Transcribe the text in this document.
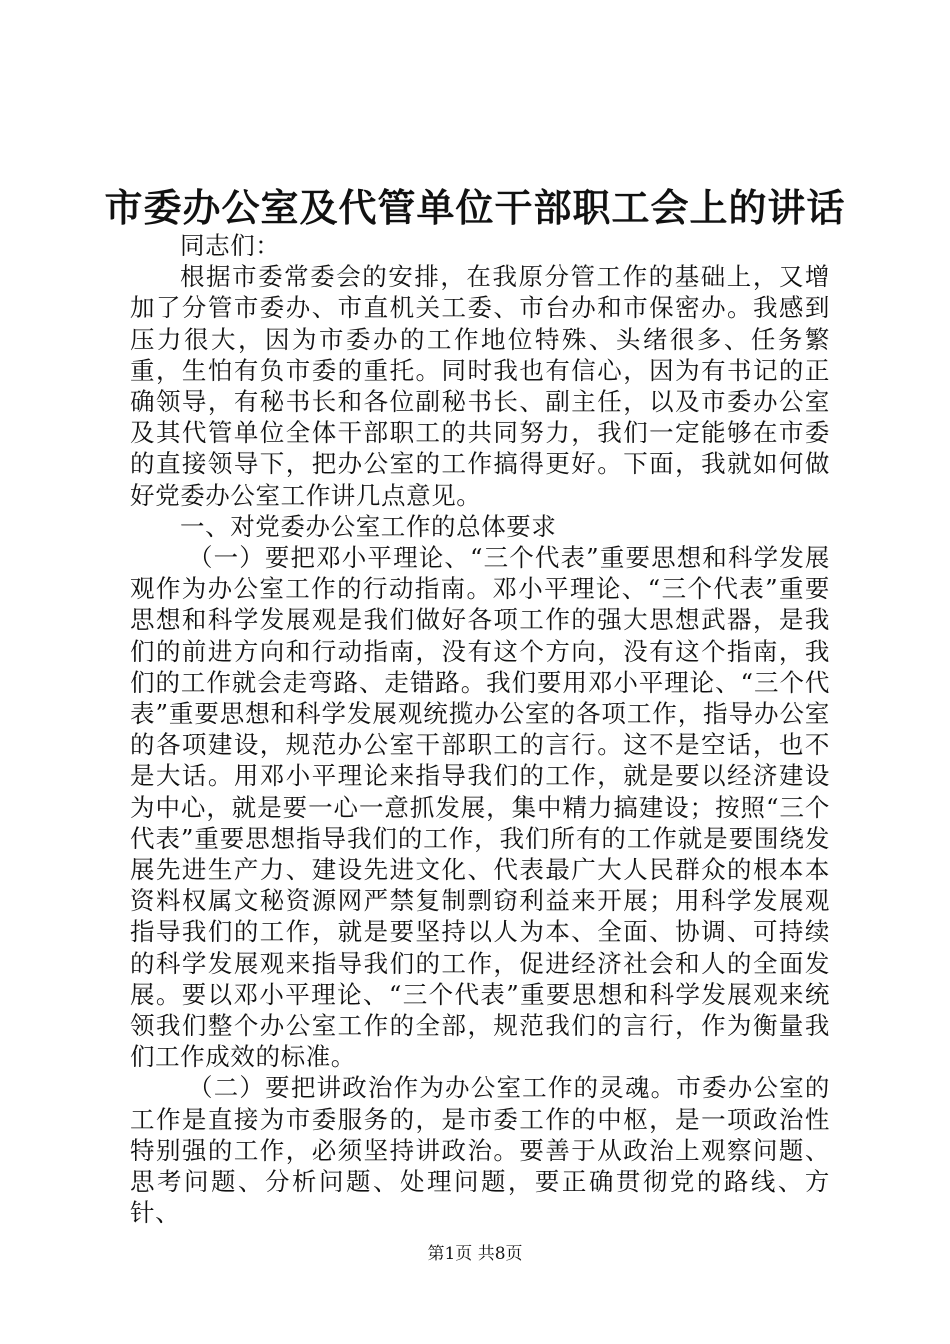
市委办公室及代管单位干部职工会上的讲话

同志们：

根据市委常委会的安排，在我原分管工作的基础上，又增加了分管市委办、市直机关工委、市台办和市保密办。我感到压力很大，因为市委办的工作地位特殊、头绪很多、任务繁重，生怕有负市委的重托。同时我也有信心，因为有书记的正确领导，有秘书长和各位副秘书长、副主任，以及市委办公室及其代管单位全体干部职工的共同努力，我们一定能够在市委的直接领导下，把办公室的工作搞得更好。下面，我就如何做好党委办公室工作讲几点意见。

一、对党委办公室工作的总体要求

（一）要把邓小平理论、“三个代表”重要思想和科学发展观作为办公室工作的行动指南。邓小平理论、“三个代表”重要思想和科学发展观是我们做好各项工作的强大思想武器，是我们的前进方向和行动指南，没有这个方向，没有这个指南，我们的工作就会走弯路、走错路。我们要用邓小平理论、“三个代表”重要思想和科学发展观统揽办公室的各项工作，指导办公室的各项建设，规范办公室干部职工的言行。这不是空话，也不是大话。用邓小平理论来指导我们的工作，就是要以经济建设为中心，就是要一心一意抓发展，集中精力搞建设；按照“三个代表”重要思想指导我们的工作，我们所有的工作就是要围绕发展先进生产力、建设先进文化、代表最广大人民群众的根本本资料权属文秘资源网严禁复制剽窃利益来开展；用科学发展观指导我们的工作，就是要坚持以人为本、全面、协调、可持续的科学发展观来指导我们的工作，促进经济社会和人的全面发展。要以邓小平理论、“三个代表”重要思想和科学发展观来统领我们整个办公室工作的全部，规范我们的言行，作为衡量我们工作成效的标准。

（二）要把讲政治作为办公室工作的灵魂。市委办公室的工作是直接为市委服务的，是市委工作的中枢，是一项政治性特别强的工作，必须坚持讲政治。要善于从政治上观察问题、思考问题、分析问题、处理问题，要正确贯彻党的路线、方针、

第1页 共8页
